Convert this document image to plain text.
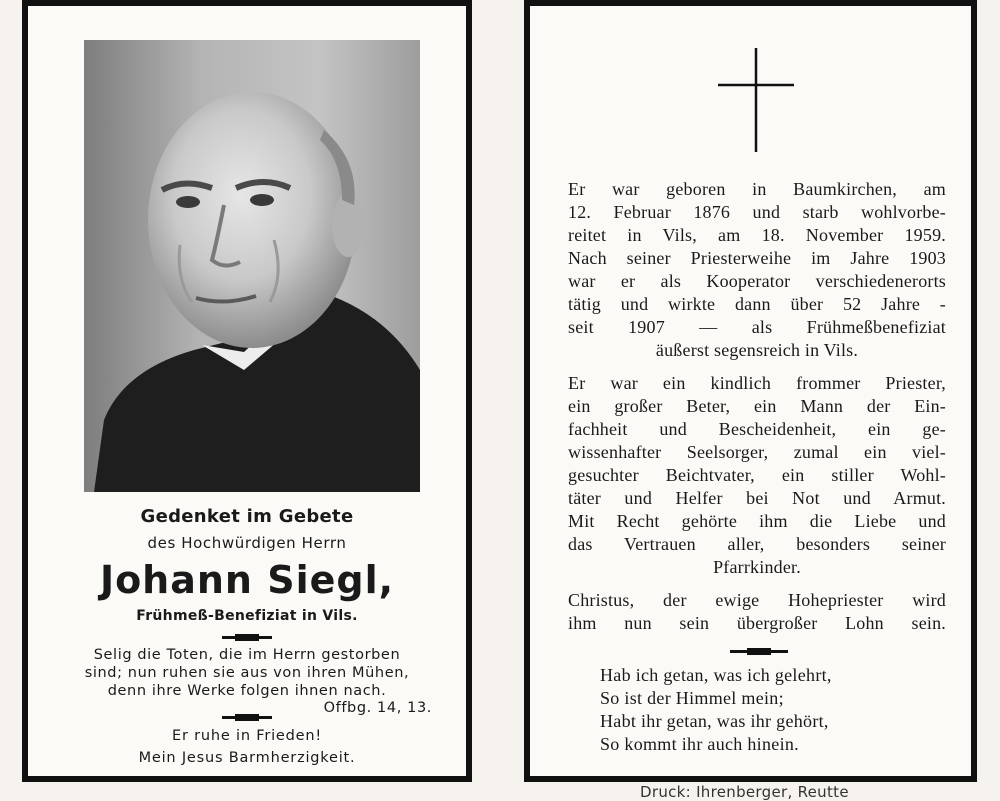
Gedenket im Gebete
des Hochwürdigen Herrn
Johann Siegl,
Frühmeß-Benefiziat in Vils.
Selig die Toten, die im Herrn gestorben
sind; nun ruhen sie aus von ihren Mühen,
denn ihre Werke folgen ihnen nach.
Offbg. 14, 13.
Er ruhe in Frieden!
Mein Jesus Barmherzigkeit.
Er war geboren in Baumkirchen, am
12. Februar 1876 und starb wohlvorbe-
reitet in Vils, am 18. November 1959.
Nach seiner Priesterweihe im Jahre 1903
war er als Kooperator verschiedenerorts
tätig und wirkte dann über 52 Jahre -
seit 1907 — als Frühmeßbenefiziat
äußerst segensreich in Vils.
Er war ein kindlich frommer Priester,
ein großer Beter, ein Mann der Ein-
fachheit und Bescheidenheit, ein ge-
wissenhafter Seelsorger, zumal ein viel-
gesuchter Beichtvater, ein stiller Wohl-
täter und Helfer bei Not und Armut.
Mit Recht gehörte ihm die Liebe und
das Vertrauen aller, besonders seiner
Pfarrkinder.
Christus, der ewige Hohepriester wird
ihm nun sein übergroßer Lohn sein.
Hab ich getan, was ich gelehrt,
So ist der Himmel mein;
Habt ihr getan, was ihr gehört,
So kommt ihr auch hinein.
Druck: Ihrenberger, Reutte
